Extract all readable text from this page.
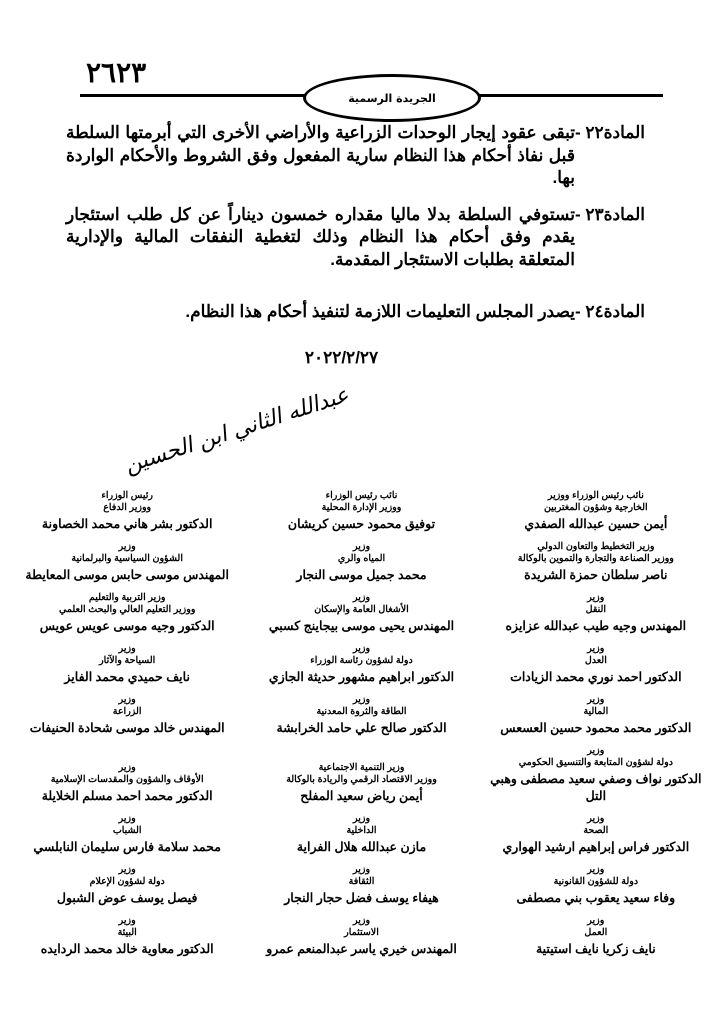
٢٦٢٣
الجريدة الرسمية
المادة٢٢ -
تبقى عقود إيجار الوحدات الزراعية والأراضي الأخرى التي أبرمتها السلطة قبل نفاذ أحكام هذا النظام سارية المفعول وفق الشروط والأحكام الواردة بها.
المادة٢٣ -
تستوفي السلطة بدلا ماليا مقداره خمسون ديناراً عن كل طلب استئجار يقدم وفق أحكام هذا النظام وذلك لتغطية النفقات المالية والإدارية المتعلقة بطلبات الاستئجار المقدمة.
المادة٢٤ -
يصدر المجلس التعليمات اللازمة لتنفيذ أحكام هذا النظام.
٢٠٢٢/٢/٢٧
عبدالله الثاني ابن الحسين
نائب رئيس الوزراء ووزير
الخارجية وشؤون المغتربين
أيمن حسين عبدالله الصفدي
نائب رئيس الوزراء
ووزير الإدارة المحلية
توفيق محمود حسين كريشان
رئيس الوزراء
ووزير الدفاع
الدكتور بشر هاني محمد الخصاونة
وزير التخطيط والتعاون الدولي
ووزير الصناعة والتجارة والتموين بالوكالة
ناصر سلطان حمزة الشريدة
وزير
المياه والري
محمد جميل موسى النجار
وزير
الشؤون السياسية والبرلمانية
المهندس موسى حابس موسى المعايطة
وزير
النقل
المهندس وجيه طيب عبدالله عزايزه
وزير
الأشغال العامة والإسكان
المهندس يحيى موسى بيجاينج كسبي
وزير التربية والتعليم
ووزير التعليم العالي والبحث العلمي
الدكتور وجيه موسى عويس عويس
وزير
العدل
الدكتور احمد نوري محمد الزيادات
وزير
دولة لشؤون رئاسة الوزراء
الدكتور ابراهيم مشهور حديثة الجازي
وزير
السياحة والآثار
نايف حميدي محمد الفايز
وزير
المالية
الدكتور محمد محمود حسين العسعس
وزير
الطاقة والثروة المعدنية
الدكتور صالح علي حامد الخرابشة
وزير
الزراعة
المهندس خالد موسى شحادة الحنيفات
وزير
دولة لشؤون المتابعة والتنسيق الحكومي
الدكتور نواف وصفي سعيد مصطفى وهبي التل
وزير التنمية الاجتماعية
ووزير الاقتصاد الرقمي والريادة بالوكالة
أيمن رياض سعيد المفلح
وزير
الأوقاف والشؤون والمقدسات الإسلامية
الدكتور محمد احمد مسلم الخلايلة
وزير
الصحة
الدكتور فراس إبراهيم ارشيد الهواري
وزير
الداخلية
مازن عبدالله هلال الفراية
وزير
الشباب
محمد سلامة فارس سليمان النابلسي
وزير
دولة للشؤون القانونية
وفاء سعيد يعقوب بني مصطفى
وزير
الثقافة
هيفاء يوسف فضل حجار النجار
وزير
دولة لشؤون الإعلام
فيصل يوسف عوض الشبول
وزير
العمل
نايف زكريا نايف استيتية
وزير
الاستثمار
المهندس خيري ياسر عبدالمنعم عمرو
وزير
البيئة
الدكتور معاوية خالد محمد الردايده
